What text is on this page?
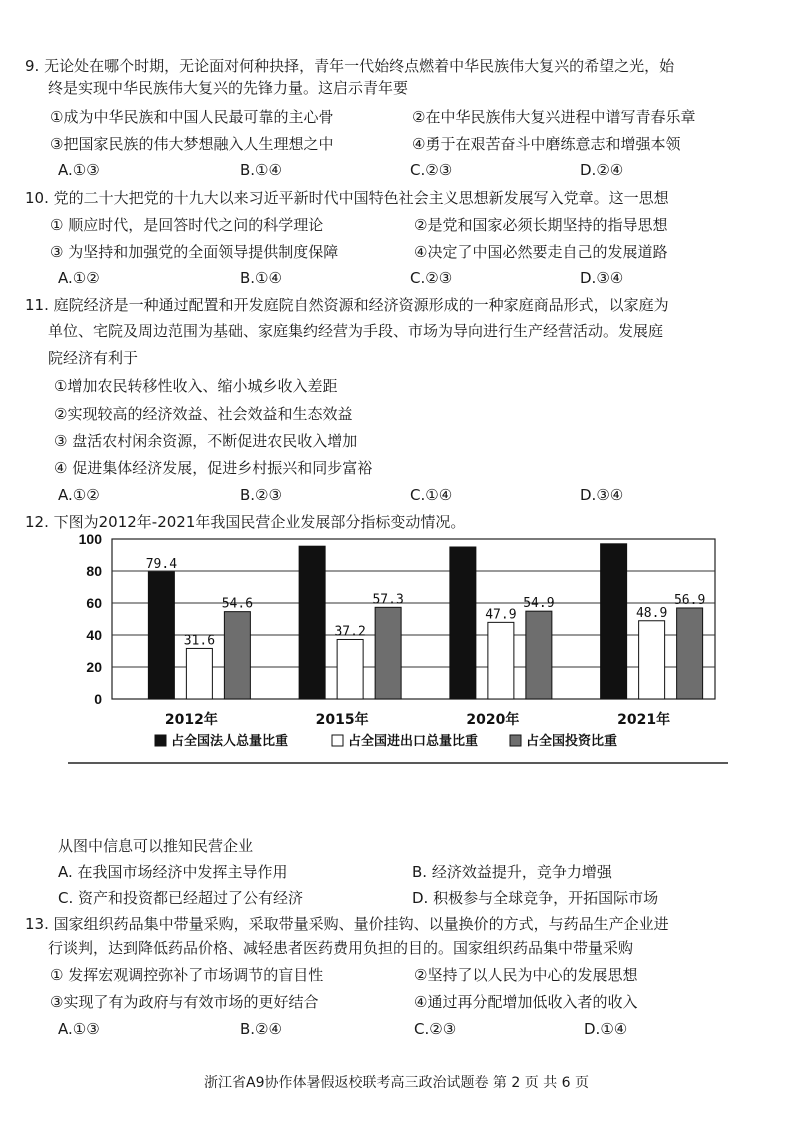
9. 无论处在哪个时期，无论面对何种抉择，青年一代始终点燃着中华民族伟大复兴的希望之光，始
终是实现中华民族伟大复兴的先锋力量。这启示青年要
①成为中华民族和中国人民最可靠的主心骨	②在中华民族伟大复兴进程中谱写青春乐章
③把国家民族的伟大梦想融入人生理想之中	④勇于在艰苦奋斗中磨练意志和增强本领
A.①③	B.①④	C.②③	D.②④
10. 党的二十大把党的十九大以来习近平新时代中国特色社会主义思想新发展写入党章。这一思想
① 顺应时代，是回答时代之问的科学理论	②是党和国家必须长期坚持的指导思想
③ 为坚持和加强党的全面领导提供制度保障	④决定了中国必然要走自己的发展道路
A.①②	B.①④	C.②③	D.③④
11. 庭院经济是一种通过配置和开发庭院自然资源和经济资源形成的一种家庭商品形式，以家庭为
单位、宅院及周边范围为基础、家庭集约经营为手段、市场为导向进行生产经营活动。发展庭
院经济有利于
①增加农民转移性收入、缩小城乡收入差距
②实现较高的经济效益、社会效益和生态效益
③ 盘活农村闲余资源，不断促进农民收入增加
④ 促进集体经济发展，促进乡村振兴和同步富裕
A.①②	B.②③	C.①④	D.③④
12. 下图为2012年-2021年我国民营企业发展部分指标变动情况。
0
20
40
60
80
100
79.4
31.6
54.6
2012年
37.2
57.3
2015年
47.9
54.9
2020年
48.9
56.9
2021年
占全国法人总量比重	占全国进出口总量比重	占全国投资比重
从图中信息可以推知民营企业
A. 在我国市场经济中发挥主导作用	B. 经济效益提升，竞争力增强
C. 资产和投资都已经超过了公有经济	D. 积极参与全球竞争，开拓国际市场
13. 国家组织药品集中带量采购，采取带量采购、量价挂钩、以量换价的方式，与药品生产企业进
行谈判，达到降低药品价格、减轻患者医药费用负担的目的。国家组织药品集中带量采购
① 发挥宏观调控弥补了市场调节的盲目性	②坚持了以人民为中心的发展思想
③实现了有为政府与有效市场的更好结合	④通过再分配增加低收入者的收入
A.①③	B.②④	C.②③	D.①④
浙江省A9协作体暑假返校联考高三政治试题卷 第 2 页 共 6 页
